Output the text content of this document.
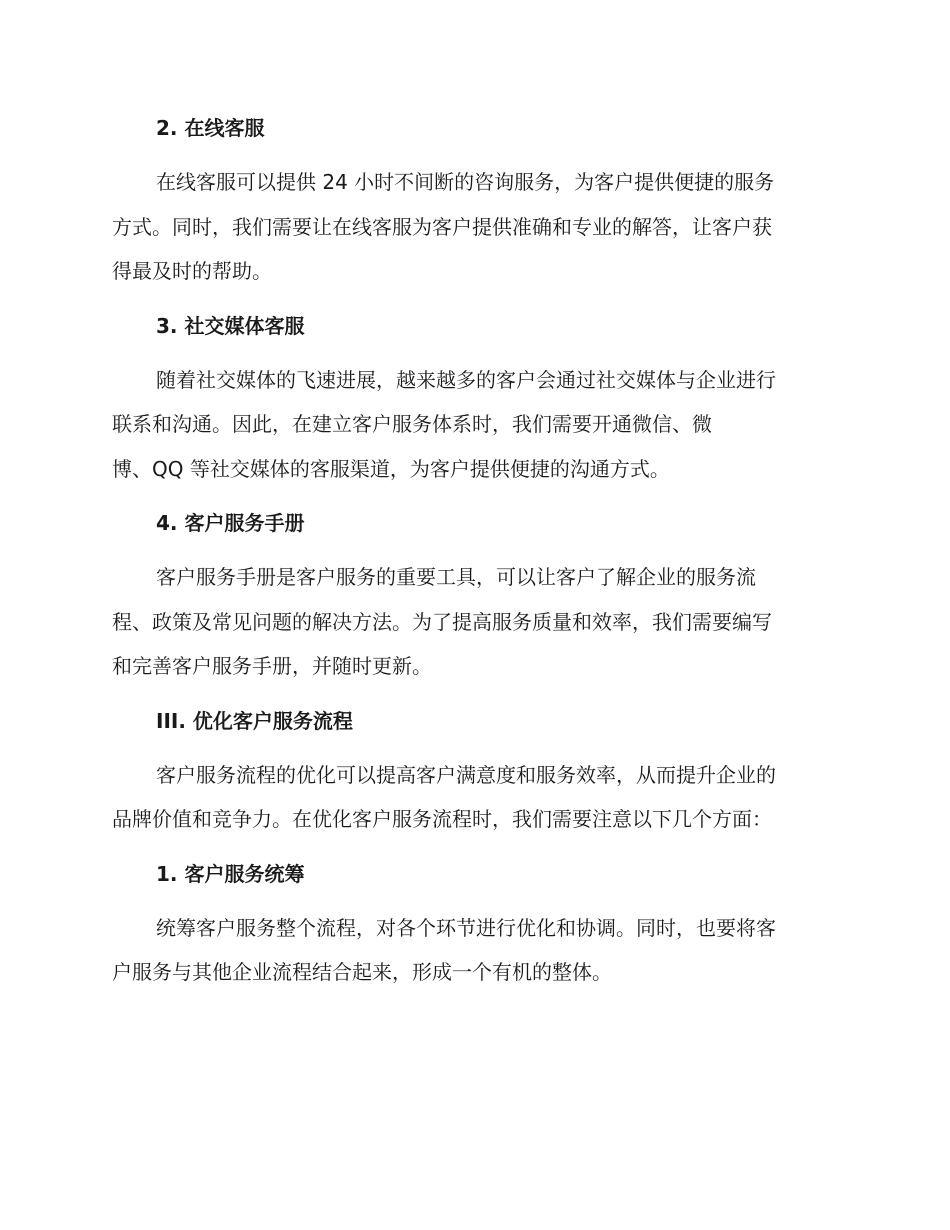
2. 在线客服
在线客服可以提供 24 小时不间断的咨询服务，为客户提供便捷的服务
方式。同时，我们需要让在线客服为客户提供准确和专业的解答，让客户获
得最及时的帮助。
3. 社交媒体客服
随着社交媒体的飞速进展，越来越多的客户会通过社交媒体与企业进行
联系和沟通。因此，在建立客户服务体系时，我们需要开通微信、微
博、QQ 等社交媒体的客服渠道，为客户提供便捷的沟通方式。
4. 客户服务手册
客户服务手册是客户服务的重要工具，可以让客户了解企业的服务流
程、政策及常见问题的解决方法。为了提高服务质量和效率，我们需要编写
和完善客户服务手册，并随时更新。
III. 优化客户服务流程
客户服务流程的优化可以提高客户满意度和服务效率，从而提升企业的
品牌价值和竞争力。在优化客户服务流程时，我们需要注意以下几个方面：
1. 客户服务统筹
统筹客户服务整个流程，对各个环节进行优化和协调。同时，也要将客
户服务与其他企业流程结合起来，形成一个有机的整体。
